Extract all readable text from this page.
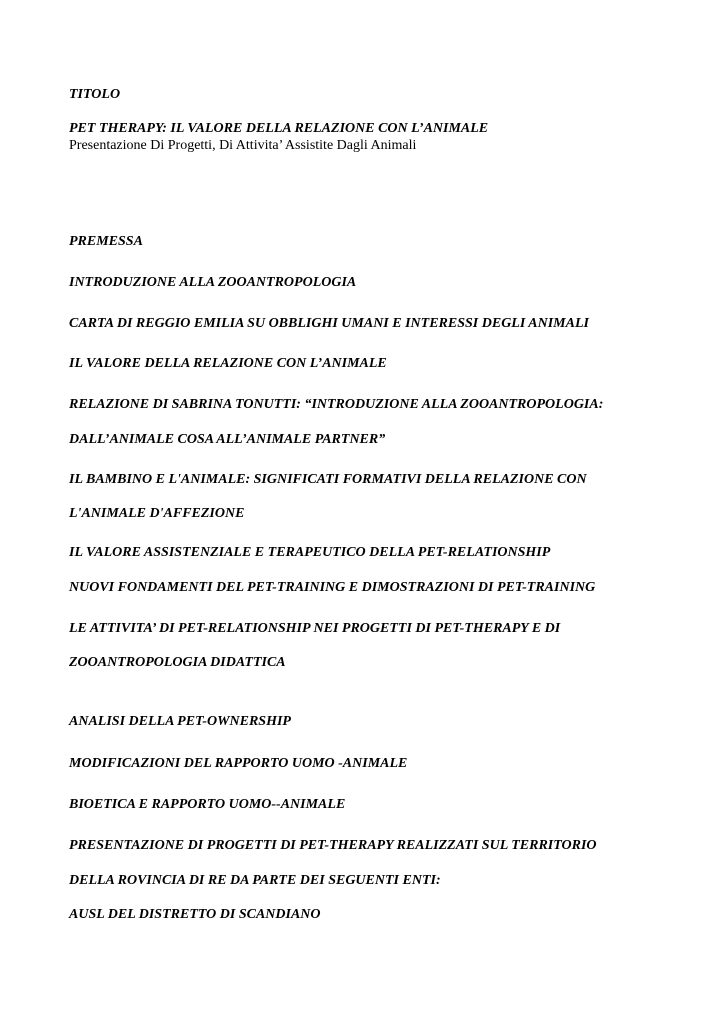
TITOLO
PET THERAPY: IL VALORE DELLA RELAZIONE CON L’ANIMALE
Presentazione Di Progetti, Di Attivita’ Assistite Dagli Animali
PREMESSA
INTRODUZIONE ALLA ZOOANTROPOLOGIA
CARTA DI REGGIO EMILIA SU OBBLIGHI UMANI E INTERESSI DEGLI ANIMALI
IL VALORE DELLA RELAZIONE CON L’ANIMALE
RELAZIONE DI SABRINA TONUTTI: “INTRODUZIONE ALLA ZOOANTROPOLOGIA:
DALL’ANIMALE COSA ALL’ANIMALE PARTNER”
IL BAMBINO E L'ANIMALE: SIGNIFICATI FORMATIVI DELLA RELAZIONE CON
L'ANIMALE D'AFFEZIONE
IL VALORE ASSISTENZIALE E TERAPEUTICO DELLA PET-RELATIONSHIP
NUOVI FONDAMENTI DEL PET-TRAINING E DIMOSTRAZIONI DI PET-TRAINING
LE ATTIVITA’ DI PET-RELATIONSHIP NEI PROGETTI DI PET-THERAPY E DI
ZOOANTROPOLOGIA DIDATTICA
ANALISI DELLA PET-OWNERSHIP
MODIFICAZIONI DEL RAPPORTO UOMO -ANIMALE
BIOETICA E RAPPORTO UOMO--ANIMALE
PRESENTAZIONE DI PROGETTI DI PET-THERAPY REALIZZATI SUL TERRITORIO
DELLA ROVINCIA DI RE DA PARTE DEI SEGUENTI ENTI:
AUSL DEL DISTRETTO DI SCANDIANO
